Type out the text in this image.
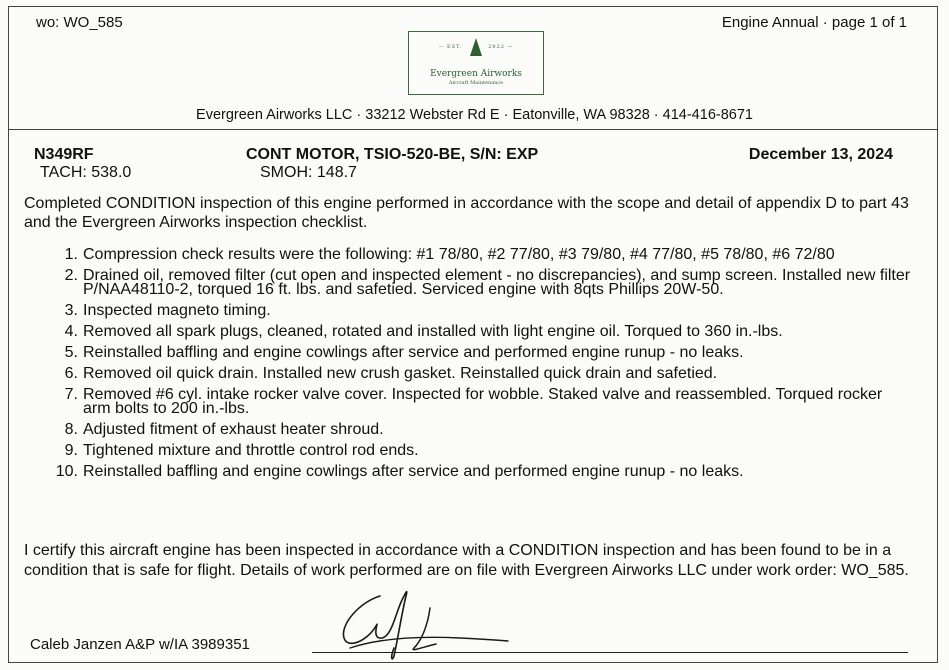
wo: WO_585	Engine Annual · page 1 of 1
— EST.	2022 —
Evergreen Airworks
Aircraft Maintenance
Evergreen Airworks LLC · 33212 Webster Rd E · Eatonville, WA 98328 · 414-416-8671
N349RF
TACH: 538.0
CONT MOTOR, TSIO-520-BE, S/N: EXP
SMOH: 148.7
December 13, 2024
Completed CONDITION inspection of this engine performed in accordance with the scope and detail of appendix D to part 43 and the Evergreen Airworks inspection checklist.
1. Compression check results were the following: #1 78/80, #2 77/80, #3 79/80, #4 77/80, #5 78/80, #6 72/80
2. Drained oil, removed filter (cut open and inspected element - no discrepancies), and sump screen. Installed new filter P/NAA48110-2, torqued 16 ft. lbs. and safetied. Serviced engine with 8qts Phillips 20W-50.
3. Inspected magneto timing.
4. Removed all spark plugs, cleaned, rotated and installed with light engine oil. Torqued to 360 in.-lbs.
5. Reinstalled baffling and engine cowlings after service and performed engine runup - no leaks.
6. Removed oil quick drain. Installed new crush gasket. Reinstalled quick drain and safetied.
7. Removed #6 cyl. intake rocker valve cover. Inspected for wobble. Staked valve and reassembled. Torqued rocker arm bolts to 200 in.-lbs.
8. Adjusted fitment of exhaust heater shroud.
9. Tightened mixture and throttle control rod ends.
10. Reinstalled baffling and engine cowlings after service and performed engine runup - no leaks.
I certify this aircraft engine has been inspected in accordance with a CONDITION inspection and has been found to be in a condition that is safe for flight. Details of work performed are on file with Evergreen Airworks LLC under work order: WO_585.
Caleb Janzen A&P w/IA 3989351
